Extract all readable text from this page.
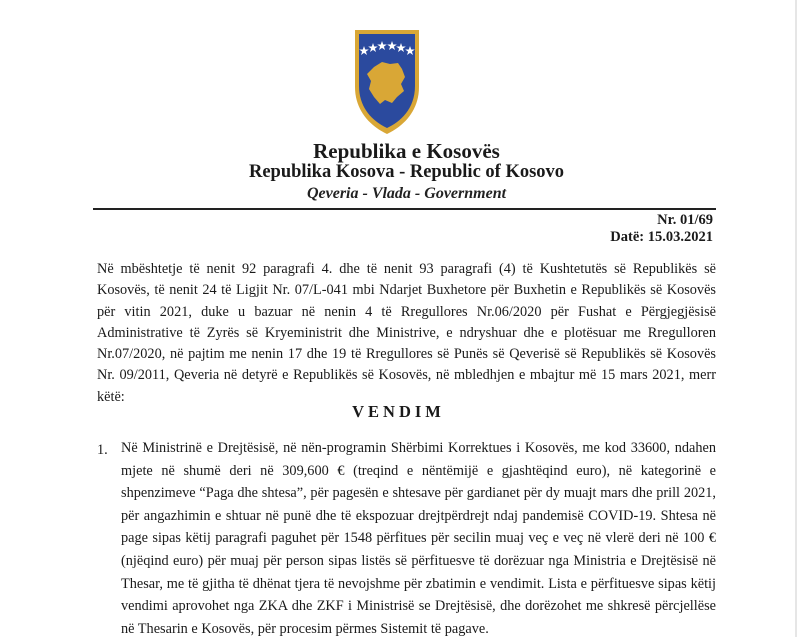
Republika e Kosovës
Republika Kosova - Republic of Kosovo
Qeveria - Vlada - Government
Nr. 01/69
Datë: 15.03.2021
Në mbështetje të nenit 92 paragrafi 4. dhe të nenit 93 paragrafi (4) të Kushtetutës së Republikës së Kosovës, të nenit 24 të Ligjit Nr. 07/L-041 mbi Ndarjet Buxhetore për Buxhetin e Republikës së Kosovës për vitin 2021, duke u bazuar në nenin 4 të Rregullores Nr.06/2020 për Fushat e Përgjegjësisë Administrative të Zyrës së Kryeministrit dhe Ministrive, e ndryshuar dhe e plotësuar me Rregulloren Nr.07/2020, në pajtim me nenin 17 dhe 19 të Rregullores së Punës së Qeverisë së Republikës së Kosovës Nr. 09/2011, Qeveria në detyrë e Republikës së Kosovës, në mbledhjen e mbajtur më 15 mars 2021, merr këtë:
VENDIM
1. Në Ministrinë e Drejtësisë, në nën-programin Shërbimi Korrektues i Kosovës, me kod 33600, ndahen mjete në shumë deri në 309,600 € (treqind e nëntëmijë e gjashtëqind euro), në kategorinë e shpenzimeve “Paga dhe shtesa”, për pagesën e shtesave për gardianet për dy muajt mars dhe prill 2021, për angazhimin e shtuar në punë dhe të ekspozuar drejtpërdrejt ndaj pandemisë COVID-19. Shtesa në page sipas këtij paragrafi paguhet për 1548 përfitues për secilin muaj veç e veç në vlerë deri në 100 € (njëqind euro) për muaj për person sipas listës së përfituesve të dorëzuar nga Ministria e Drejtësisë në Thesar, me të gjitha të dhënat tjera të nevojshme për zbatimin e vendimit. Lista e përfituesve sipas këtij vendimi aprovohet nga ZKA dhe ZKF i Ministrisë se Drejtësisë, dhe dorëzohet me shkresë përcjellëse në Thesarin e Kosovës, për procesim përmes Sistemit të pagave.
